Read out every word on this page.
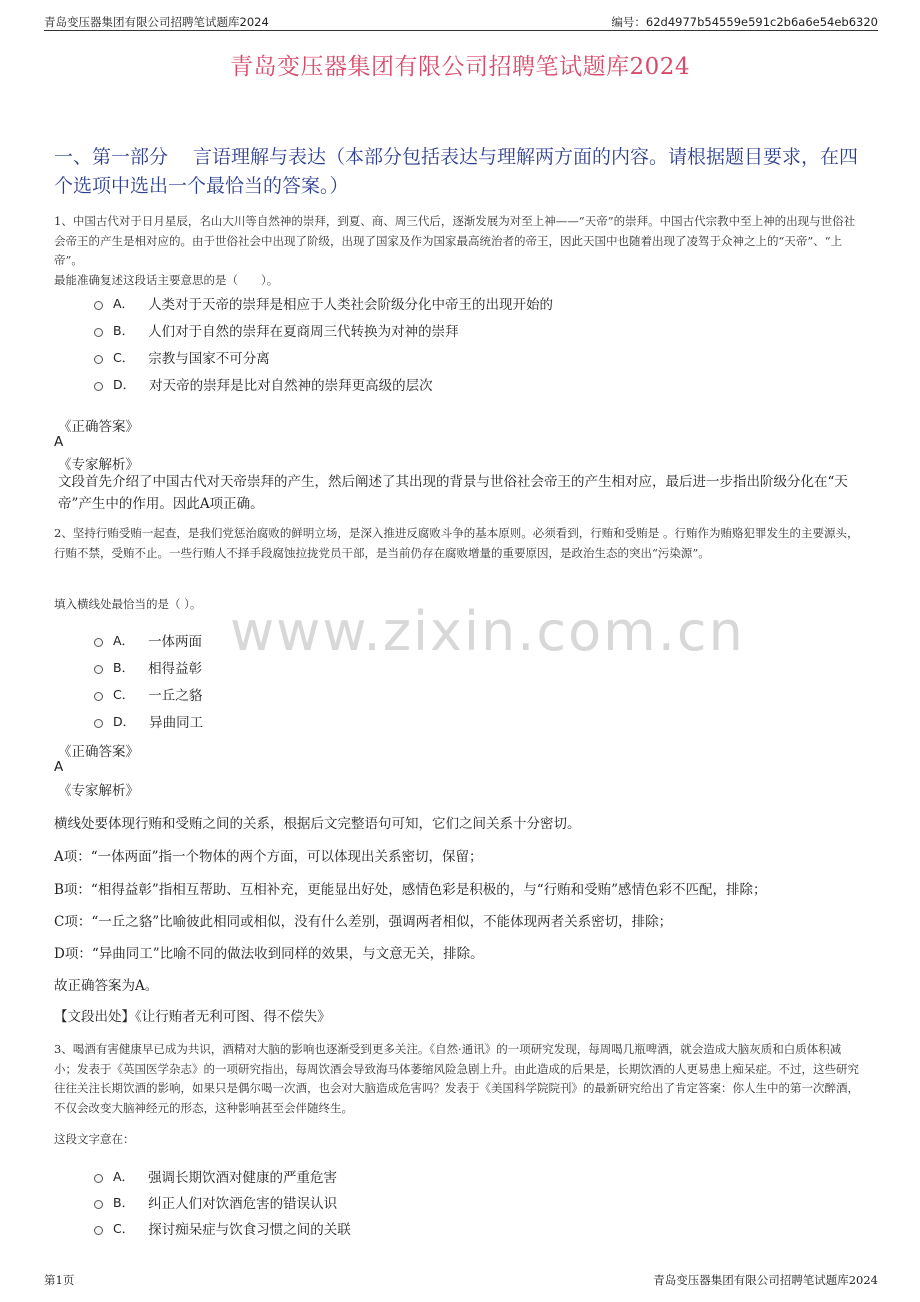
青岛变压器集团有限公司招聘笔试题库2024	编号：62d4977b54559e591c2b6a6e54eb6320
青岛变压器集团有限公司招聘笔试题库2024
一、第一部分　 言语理解与表达（本部分包括表达与理解两方面的内容。请根据题目要求，在四个选项中选出一个最恰当的答案。）
www.zixin.com.cn
1、中国古代对于日月星辰，名山大川等自然神的崇拜，到夏、商、周三代后，逐渐发展为对至上神——“天帝”的崇拜。中国古代宗教中至上神的出现与世俗社会帝王的产生是相对应的。由于世俗社会中出现了阶级，出现了国家及作为国家最高统治者的帝王，因此天国中也随着出现了凌驾于众神之上的“天帝”、“上帝”。
最能准确复述这段话主要意思的是（　　）。
A． 人类对于天帝的崇拜是相应于人类社会阶级分化中帝王的出现开始的
B． 人们对于自然的崇拜在夏商周三代转换为对神的崇拜
C． 宗教与国家不可分离
D． 对天帝的崇拜是比对自然神的崇拜更高级的层次
《正确答案》
A
《专家解析》
文段首先介绍了中国古代对天帝崇拜的产生，然后阐述了其出现的背景与世俗社会帝王的产生相对应，最后进一步指出阶级分化在“天帝”产生中的作用。因此A项正确。
2、坚持行贿受贿一起查，是我们党惩治腐败的鲜明立场，是深入推进反腐败斗争的基本原则。必须看到，行贿和受贿是 。行贿作为贿赂犯罪发生的主要源头，行贿不禁，受贿不止。一些行贿人不择手段腐蚀拉拢党员干部，是当前仍存在腐败增量的重要原因，是政治生态的突出“污染源”。
填入横线处最恰当的是（ ）。
A． 一体两面
B． 相得益彰
C． 一丘之貉
D． 异曲同工
《正确答案》
A
《专家解析》
横线处要体现行贿和受贿之间的关系，根据后文完整语句可知，它们之间关系十分密切。
A项：“一体两面”指一个物体的两个方面，可以体现出关系密切，保留；
B项：“相得益彰”指相互帮助、互相补充，更能显出好处，感情色彩是积极的，与“行贿和受贿”感情色彩不匹配，排除；
C项：“一丘之貉”比喻彼此相同或相似，没有什么差别，强调两者相似，不能体现两者关系密切，排除；
D项：“异曲同工”比喻不同的做法收到同样的效果，与文意无关，排除。
故正确答案为A。
【文段出处】《让行贿者无利可图、得不偿失》
3、喝酒有害健康早已成为共识，酒精对大脑的影响也逐渐受到更多关注。《自然·通讯》的一项研究发现，每周喝几瓶啤酒，就会造成大脑灰质和白质体积减小；发表于《英国医学杂志》的一项研究指出，每周饮酒会导致海马体萎缩风险急剧上升。由此造成的后果是，长期饮酒的人更易患上痴呆症。不过，这些研究往往关注长期饮酒的影响，如果只是偶尔喝一次酒，也会对大脑造成危害吗？发表于《美国科学院院刊》的最新研究给出了肯定答案：你人生中的第一次醉酒，不仅会改变大脑神经元的形态，这种影响甚至会伴随终生。
这段文字意在：
A． 强调长期饮酒对健康的严重危害
B． 纠正人们对饮酒危害的错误认识
C． 探讨痴呆症与饮食习惯之间的关联
第1页	青岛变压器集团有限公司招聘笔试题库2024
